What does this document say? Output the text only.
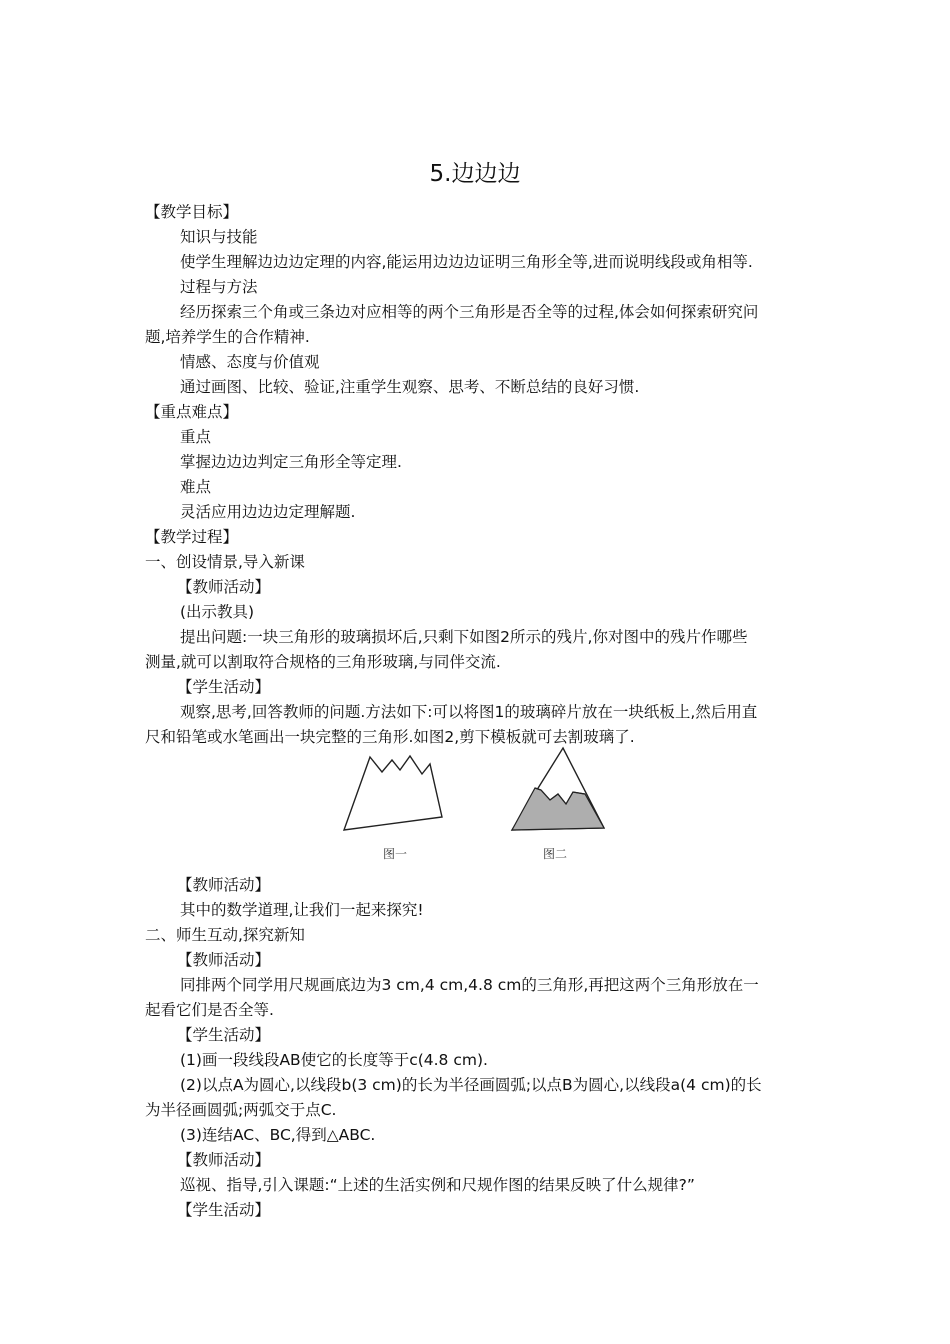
5.边边边
【教学目标】
知识与技能
使学生理解边边边定理的内容,能运用边边边证明三角形全等,进而说明线段或角相等.
过程与方法
经历探索三个角或三条边对应相等的两个三角形是否全等的过程,体会如何探索研究问
题,培养学生的合作精神.
情感、态度与价值观
通过画图、比较、验证,注重学生观察、思考、不断总结的良好习惯.
【重点难点】
重点
掌握边边边判定三角形全等定理.
难点
灵活应用边边边定理解题.
【教学过程】
一、创设情景,导入新课
【教师活动】
(出示教具)
提出问题:一块三角形的玻璃损坏后,只剩下如图2所示的残片,你对图中的残片作哪些
测量,就可以割取符合规格的三角形玻璃,与同伴交流.
【学生活动】
观察,思考,回答教师的问题.方法如下:可以将图1的玻璃碎片放在一块纸板上,然后用直
尺和铅笔或水笔画出一块完整的三角形.如图2,剪下模板就可去割玻璃了.
图一	图二
【教师活动】
其中的数学道理,让我们一起来探究!
二、师生互动,探究新知
【教师活动】
同排两个同学用尺规画底边为3 cm,4 cm,4.8 cm的三角形,再把这两个三角形放在一
起看它们是否全等.
【学生活动】
(1)画一段线段AB使它的长度等于c(4.8 cm).
(2)以点A为圆心,以线段b(3 cm)的长为半径画圆弧;以点B为圆心,以线段a(4 cm)的长
为半径画圆弧;两弧交于点C.
(3)连结AC、BC,得到△ABC.
【教师活动】
巡视、指导,引入课题:“上述的生活实例和尺规作图的结果反映了什么规律?”
【学生活动】
